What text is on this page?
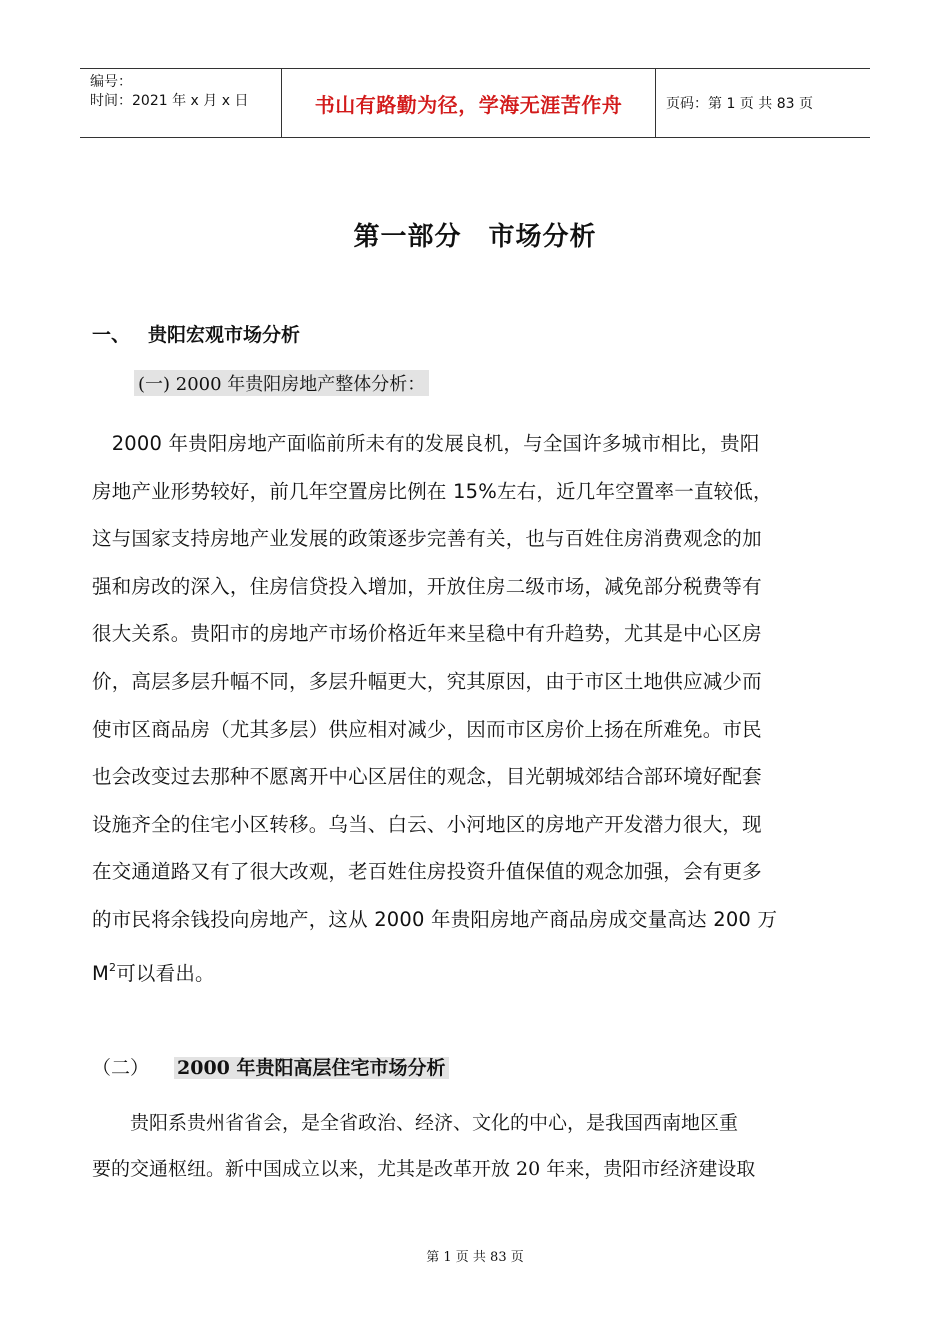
编号：
时间：2021 年 x 月 x 日	书山有路勤为径，学海无涯苦作舟	页码：第 1 页 共 83 页
第一部分　市场分析
一、 贵阳宏观市场分析
(一) 2000 年贵阳房地产整体分析：
　2000 年贵阳房地产面临前所未有的发展良机，与全国许多城市相比，贵阳
房地产业形势较好，前几年空置房比例在 15%左右，近几年空置率一直较低，
这与国家支持房地产业发展的政策逐步完善有关，也与百姓住房消费观念的加
强和房改的深入，住房信贷投入增加，开放住房二级市场，减免部分税费等有
很大关系。贵阳市的房地产市场价格近年来呈稳中有升趋势，尤其是中心区房
价，高层多层升幅不同，多层升幅更大，究其原因，由于市区土地供应减少而
使市区商品房（尤其多层）供应相对减少，因而市区房价上扬在所难免。市民
也会改变过去那种不愿离开中心区居住的观念，目光朝城郊结合部环境好配套
设施齐全的住宅小区转移。乌当、白云、小河地区的房地产开发潜力很大，现
在交通道路又有了很大改观，老百姓住房投资升值保值的观念加强，会有更多
的市民将余钱投向房地产，这从 2000 年贵阳房地产商品房成交量高达 200 万
$M^2$可以看出。
（二） 2000 年贵阳高层住宅市场分析
　　贵阳系贵州省省会，是全省政治、经济、文化的中心，是我国西南地区重
要的交通枢纽。新中国成立以来，尤其是改革开放 20 年来，贵阳市经济建设取
第 1 页 共 83 页
